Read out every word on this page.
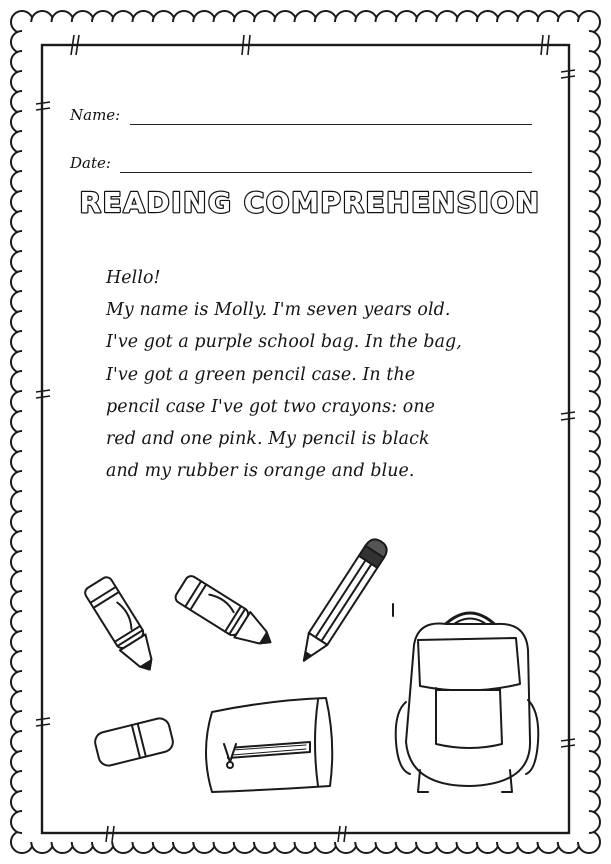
Name:
Date:
READING COMPREHENSION
Hello!
My name is Molly. I'm seven years old.
I've got a purple school bag. In the bag,
I've got a green pencil case. In the
pencil case I've got two crayons: one
red and one pink. My pencil is black
and my rubber is orange and blue.
